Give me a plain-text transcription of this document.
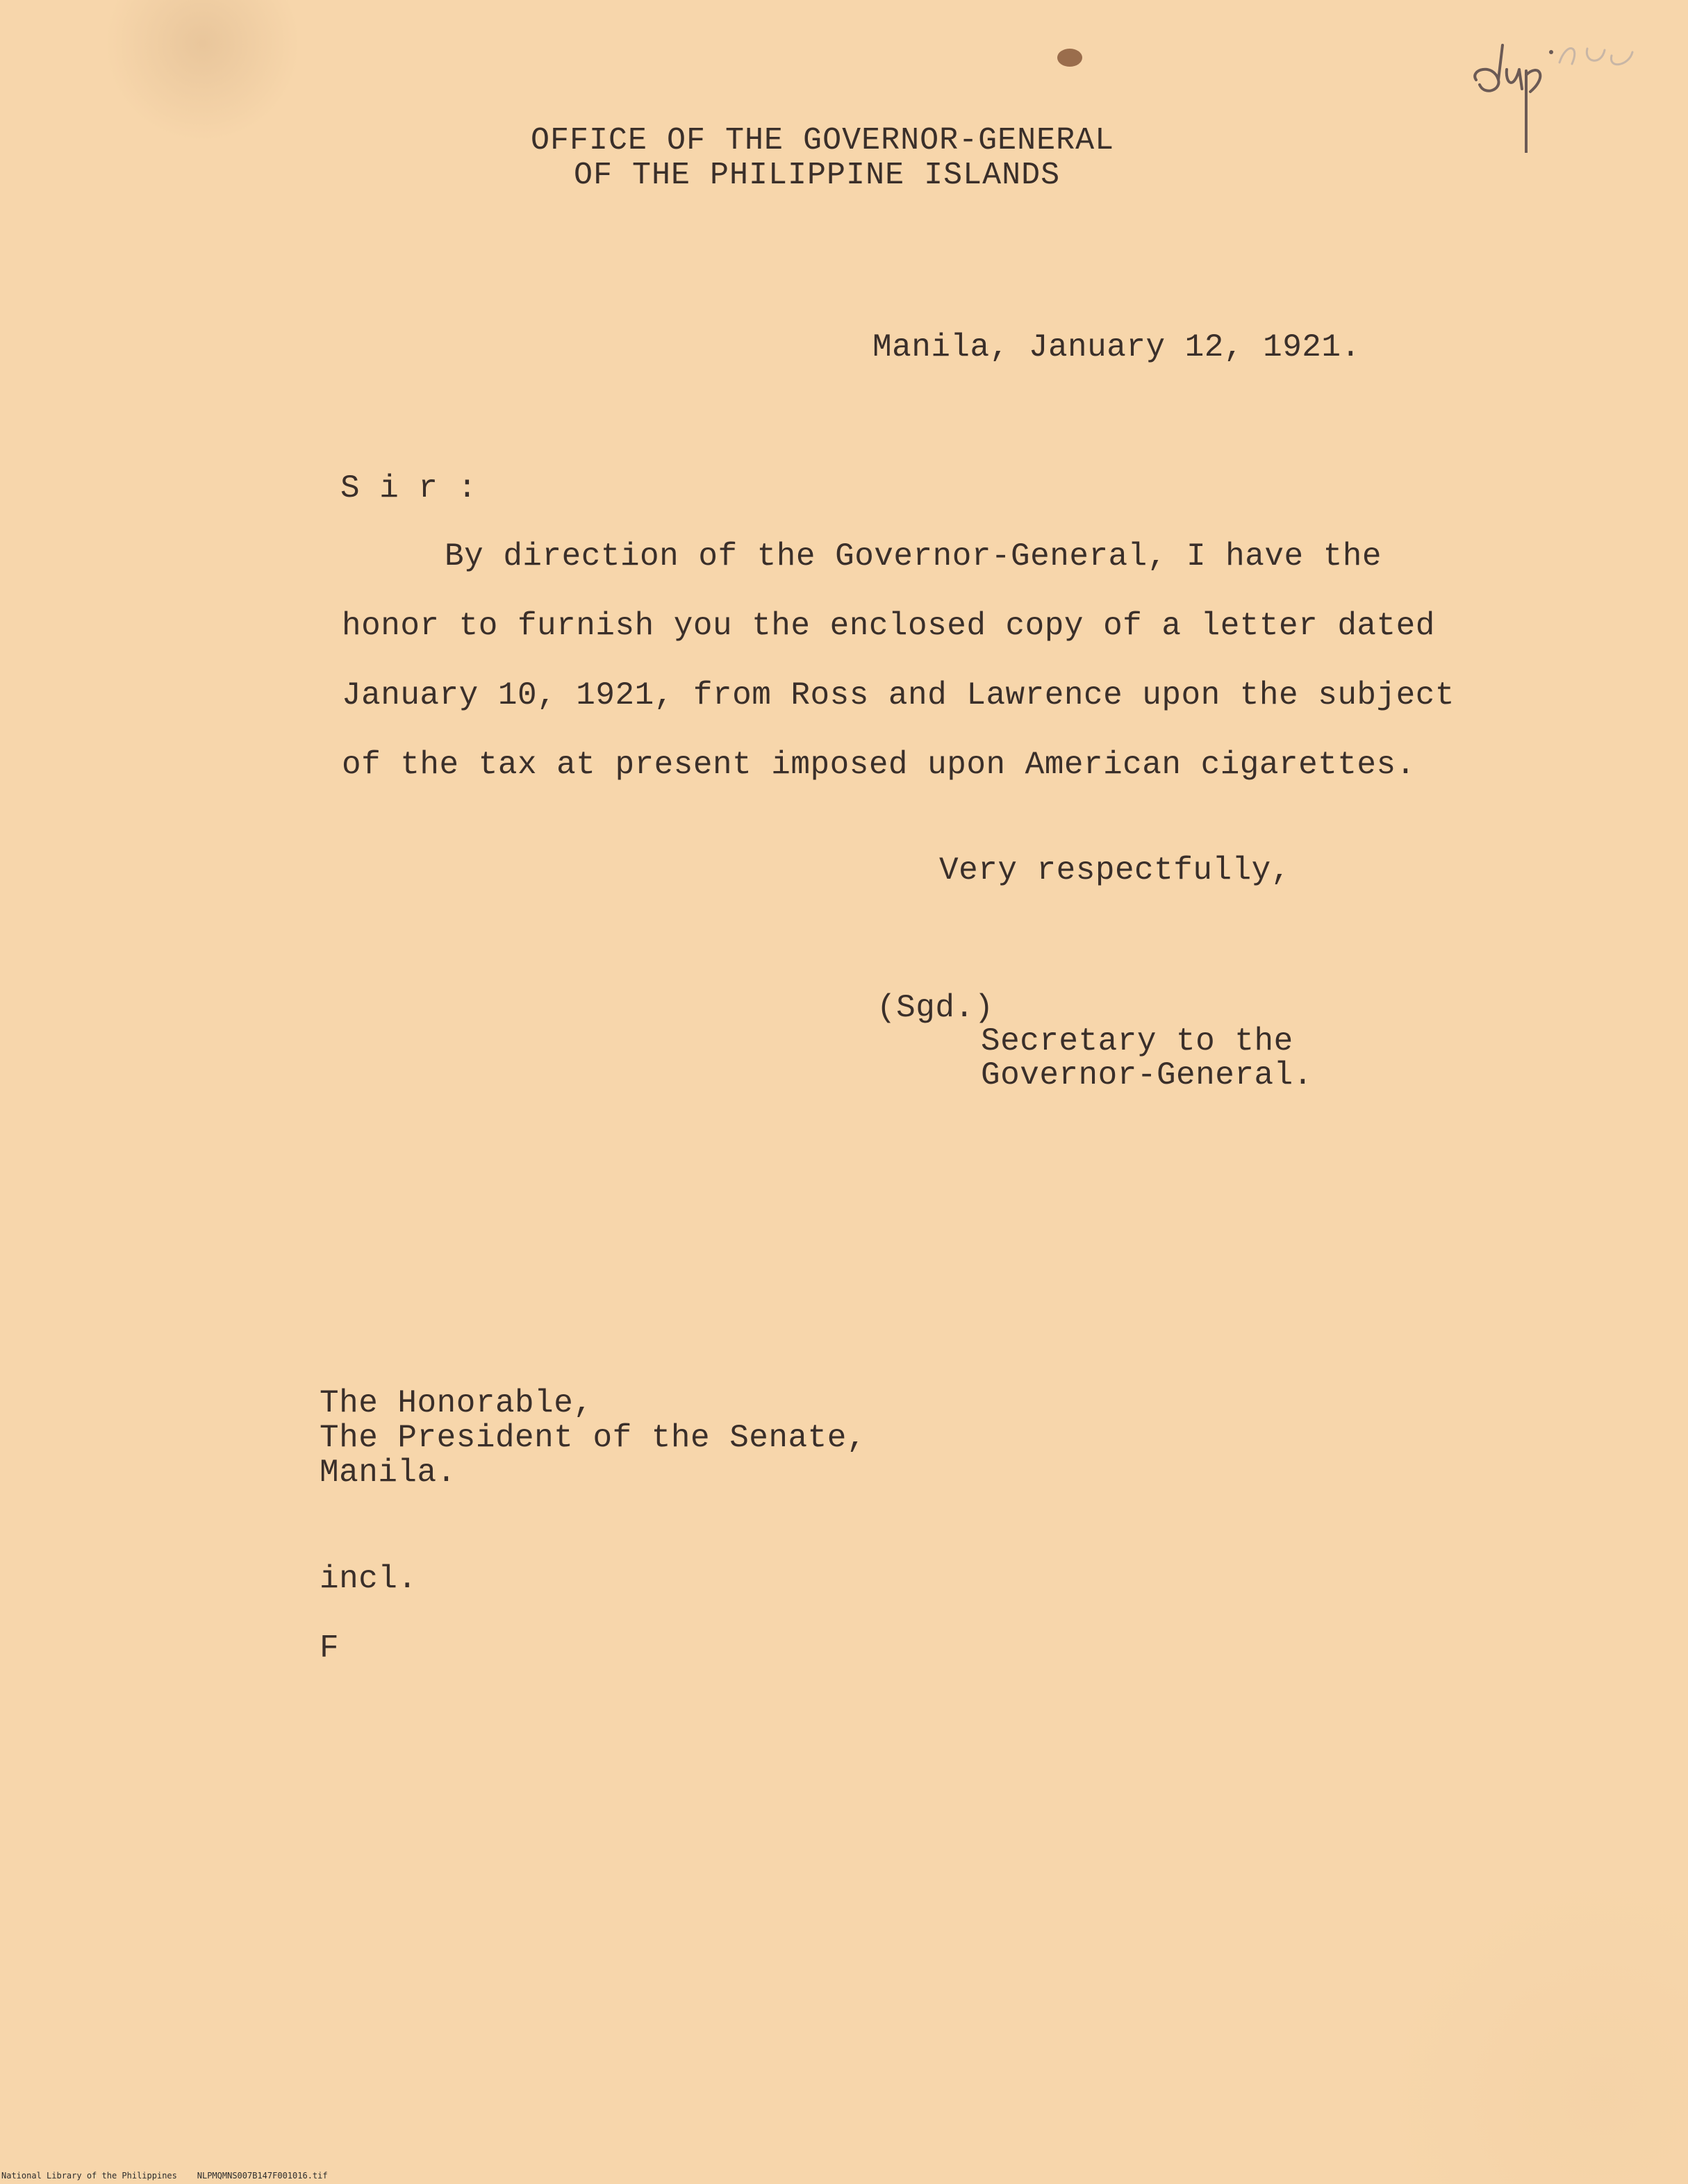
dup.
OFFICE OF THE GOVERNOR-GENERAL
OF THE PHILIPPINE ISLANDS
Manila, January 12, 1921.
S i r :
By direction of the Governor-General, I have the
honor to furnish you the enclosed copy of a letter dated
January 10, 1921, from Ross and Lawrence upon the subject
of the tax at present imposed upon American cigarettes.
Very respectfully,
(Sgd.)
Secretary to the
Governor-General.
The Honorable,
The President of the Senate,
Manila.
incl.
F
National Library of the Philippines    NLPMQMNS007B147F001016.tif
